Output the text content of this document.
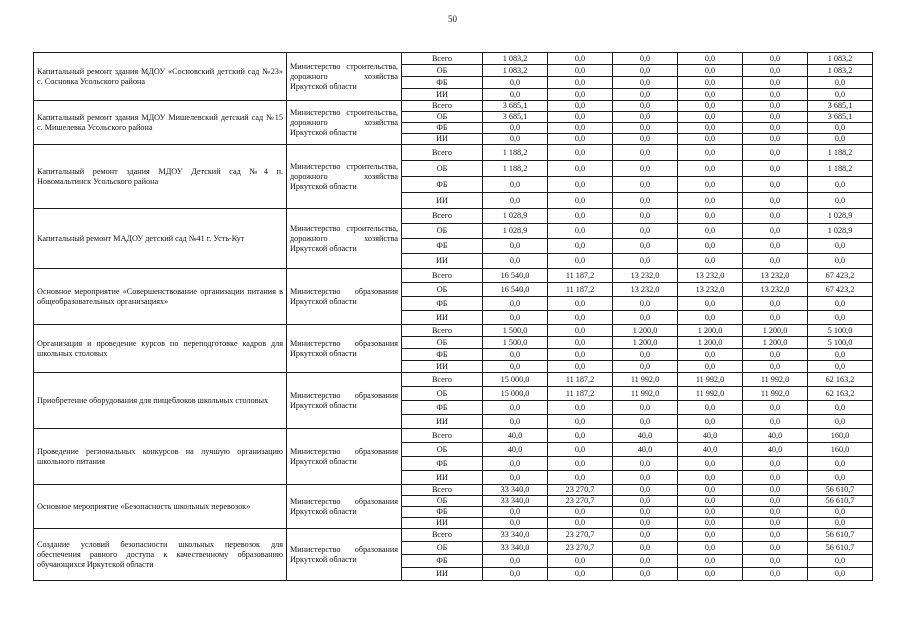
50
Капитальный ремонт здания МДОУ «Сосновский детский сад №23» с. Сосновка Усольского района	Министерство строительства, дорожного хозяйства Иркутской области	Всего	1 083,2	0,0	0,0	0,0	0,0	1 083,2
		ОБ	1 083,2	0,0	0,0	0,0	0,0	1 083,2
		ФБ	0,0	0,0	0,0	0,0	0,0	0,0
		ИИ	0,0	0,0	0,0	0,0	0,0	0,0
Капитальный ремонт здания МДОУ Мишелевский детский сад №15 с. Мишелевка Усольского района	Министерство строительства, дорожного хозяйства Иркутской области	Всего	3 685,1	0,0	0,0	0,0	0,0	3 685,1
		ОБ	3 685,1	0,0	0,0	0,0	0,0	3 685,1
		ФБ	0,0	0,0	0,0	0,0	0,0	0,0
		ИИ	0,0	0,0	0,0	0,0	0,0	0,0
Капитальный ремонт здания МДОУ Детский сад №4 п. Новомальтинск Усольского района	Министерство строительства, дорожного хозяйства Иркутской области	Всего	1 188,2	0,0	0,0	0,0	0,0	1 188,2
		ОБ	1 188,2	0,0	0,0	0,0	0,0	1 188,2
		ФБ	0,0	0,0	0,0	0,0	0,0	0,0
		ИИ	0,0	0,0	0,0	0,0	0,0	0,0
Капитальный ремонт МАДОУ детский сад №41 г. Усть-Кут	Министерство строительства, дорожного хозяйства Иркутской области	Всего	1 028,9	0,0	0,0	0,0	0,0	1 028,9
		ОБ	1 028,9	0,0	0,0	0,0	0,0	1 028,9
		ФБ	0,0	0,0	0,0	0,0	0,0	0,0
		ИИ	0,0	0,0	0,0	0,0	0,0	0,0
Основное мероприятие «Совершенствование организации питания в общеобразовательных организациях»	Министерство образования Иркутской области	Всего	16 540,0	11 187,2	13 232,0	13 232,0	13 232,0	67 423,2
		ОБ	16 540,0	11 187,2	13 232,0	13 232,0	13 232,0	67 423,2
		ФБ	0,0	0,0	0,0	0,0	0,0	0,0
		ИИ	0,0	0,0	0,0	0,0	0,0	0,0
Организация и проведение курсов по переподготовке кадров для школьных столовых	Министерство образования Иркутской области	Всего	1 500,0	0,0	1 200,0	1 200,0	1 200,0	5 100,0
		ОБ	1 500,0	0,0	1 200,0	1 200,0	1 200,0	5 100,0
		ФБ	0,0	0,0	0,0	0,0	0,0	0,0
		ИИ	0,0	0,0	0,0	0,0	0,0	0,0
Приобретение оборудования для пищеблоков школьных столовых	Министерство образования Иркутской области	Всего	15 000,0	11 187,2	11 992,0	11 992,0	11 992,0	62 163,2
		ОБ	15 000,0	11 187,2	11 992,0	11 992,0	11 992,0	62 163,2
		ФБ	0,0	0,0	0,0	0,0	0,0	0,0
		ИИ	0,0	0,0	0,0	0,0	0,0	0,0
Проведение региональных конкурсов на лучшую организацию школьного питания	Министерство образования Иркутской области	Всего	40,0	0,0	40,0	40,0	40,0	160,0
		ОБ	40,0	0,0	40,0	40,0	40,0	160,0
		ФБ	0,0	0,0	0,0	0,0	0,0	0,0
		ИИ	0,0	0,0	0,0	0,0	0,0	0,0
Основное мероприятие «Безопасность школьных перевозок»	Министерство образования Иркутской области	Всего	33 340,0	23 270,7	0,0	0,0	0,0	56 610,7
		ОБ	33 340,0	23 270,7	0,0	0,0	0,0	56 610,7
		ФБ	0,0	0,0	0,0	0,0	0,0	0,0
		ИИ	0,0	0,0	0,0	0,0	0,0	0,0
Создание условий безопасности школьных перевозок для обеспечения равного доступа к качественному образованию обучающихся Иркутской области	Министерство образования Иркутской области	Всего	33 340,0	23 270,7	0,0	0,0	0,0	56 610,7
		ОБ	33 340,0	23 270,7	0,0	0,0	0,0	56 610,7
		ФБ	0,0	0,0	0,0	0,0	0,0	0,0
		ИИ	0,0	0,0	0,0	0,0	0,0	0,0
